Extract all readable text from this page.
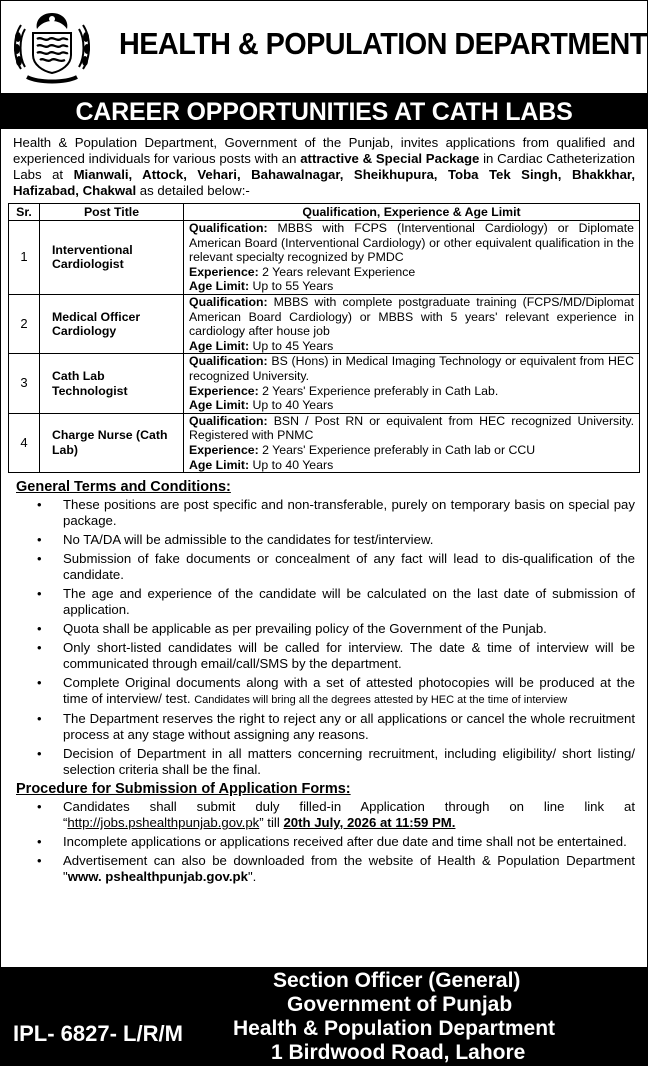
HEALTH & POPULATION DEPARTMENT
CAREER OPPORTUNITIES AT CATH LABS
Health & Population Department, Government of the Punjab, invites applications from qualified and experienced individuals for various posts with an attractive & Special Package in Cardiac Catheterization Labs at Mianwali, Attock, Vehari, Bahawalnagar, Sheikhupura, Toba Tek Singh, Bhakkhar, Hafizabad, Chakwal as detailed below:-
Sr.	Post Title	Qualification, Experience & Age Limit
1	Interventional Cardiologist	Qualification: MBBS with FCPS (Interventional Cardiology) or Diplomate American Board (Interventional Cardiology) or other equivalent qualification in the relevant specialty recognized by PMDC
Experience: 2 Years relevant Experience
Age Limit: Up to 55 Years

2	Medical Officer Cardiology	Qualification: MBBS with complete postgraduate training (FCPS/MD/Diplomat American Board Cardiology) or MBBS with 5 years' relevant experience in cardiology after house job
Age Limit: Up to 45 Years

3	Cath Lab Technologist	Qualification: BS (Hons) in Medical Imaging Technology or equivalent from HEC recognized University.
Experience: 2 Years' Experience preferably in Cath Lab.
Age Limit: Up to 40 Years

4	Charge Nurse (Cath Lab)	Qualification: BSN / Post RN or equivalent from HEC recognized University. Registered with PNMC
Experience: 2 Years' Experience preferably in Cath lab or CCU
Age Limit: Up to 40 Years
General Terms and Conditions:
• These positions are post specific and non-transferable, purely on temporary basis on special pay package.
• No TA/DA will be admissible to the candidates for test/interview.
• Submission of fake documents or concealment of any fact will lead to dis-qualification of the candidate.
• The age and experience of the candidate will be calculated on the last date of submission of application.
• Quota shall be applicable as per prevailing policy of the Government of the Punjab.
• Only short-listed candidates will be called for interview. The date & time of interview will be communicated through email/call/SMS by the department.
• Complete Original documents along with a set of attested photocopies will be produced at the time of interview/ test. Candidates will bring all the degrees attested by HEC at the time of interview
• The Department reserves the right to reject any or all applications or cancel the whole recruitment process at any stage without assigning any reasons.
• Decision of Department in all matters concerning recruitment, including eligibility/ short listing/ selection criteria shall be the final.
Procedure for Submission of Application Forms:
• Candidates shall submit duly filled-in Application through on line link at “http://jobs.pshealthpunjab.gov.pk” till 20th July, 2026 at 11:59 PM.
• Incomplete applications or applications received after due date and time shall not be entertained.
• Advertisement can also be downloaded from the website of Health & Population Department "www. pshealthpunjab.gov.pk".
Section Officer (General)
Government of Punjab
IPL- 6827- L/R/M Health & Population Department
1 Birdwood Road, Lahore
